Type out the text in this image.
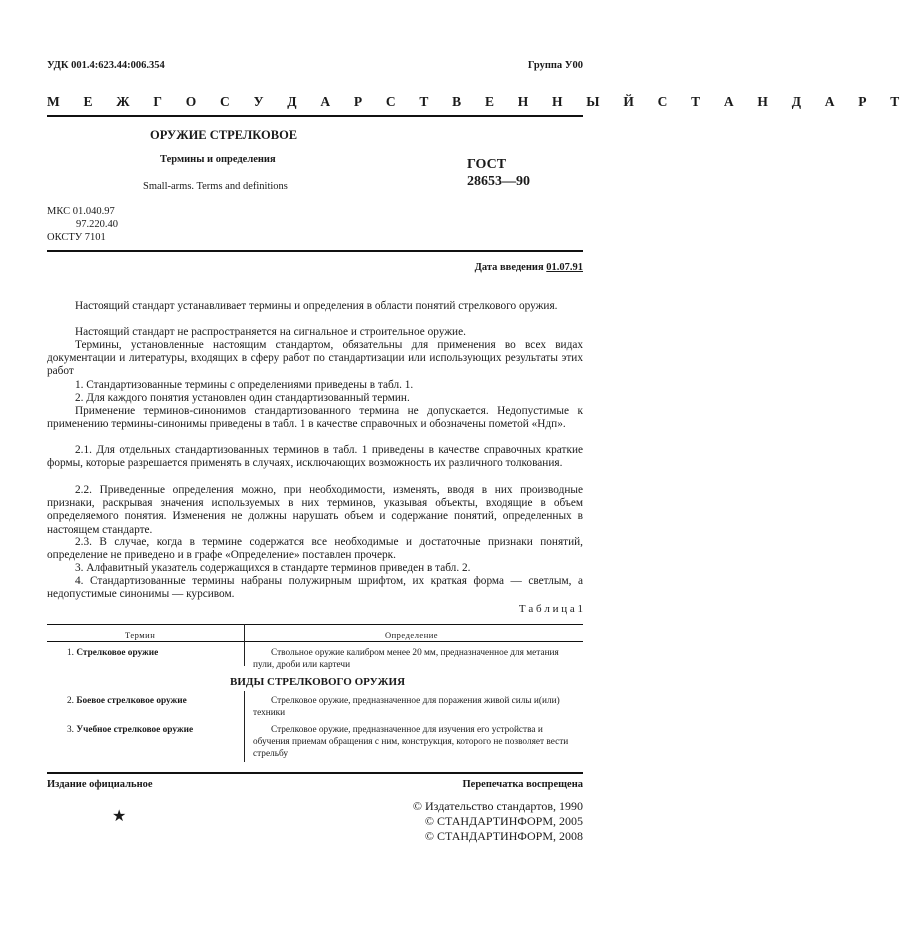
УДК 001.4:623.44:006.354	Группа У00
М Е Ж Г О С У Д А Р С Т В Е Н Н Ы Й С Т А Н Д А Р Т
ОРУЖИЕ СТРЕЛКОВОЕ
Термины и определения
Small-arms. Terms and definitions
ГОСТ
28653—90
МКС 01.040.97
97.220.40
ОКСТУ 7101
Дата введения 01.07.91
Настоящий стандарт устанавливает термины и определения в области понятий стрелкового оружия.
Настоящий стандарт не распространяется на сигнальное и строительное оружие.
Термины, установленные настоящим стандартом, обязательны для применения во всех видах документации и литературы, входящих в сферу работ по стандартизации или использующих результаты этих работ
1. Стандартизованные термины с определениями приведены в табл. 1.
2. Для каждого понятия установлен один стандартизованный термин.
Применение терминов-синонимов стандартизованного термина не допускается. Недопустимые к применению термины-синонимы приведены в табл. 1 в качестве справочных и обозначены пометой «Ндп».
2.1. Для отдельных стандартизованных терминов в табл. 1 приведены в качестве справочных краткие формы, которые разрешается применять в случаях, исключающих возможность их различного толкования.
2.2. Приведенные определения можно, при необходимости, изменять, вводя в них производные признаки, раскрывая значения используемых в них терминов, указывая объекты, входящие в объем определяемого понятия. Изменения не должны нарушать объем и содержание понятий, определенных в настоящем стандарте.
2.3. В случае, когда в термине содержатся все необходимые и достаточные признаки понятий, определение не приведено и в графе «Определение» поставлен прочерк.
3. Алфавитный указатель содержащихся в стандарте терминов приведен в табл. 2.
4. Стандартизованные термины набраны полужирным шрифтом, их краткая форма — светлым, а недопустимые синонимы — курсивом.
Т а б л и ц а 1
Термин	Определение
1. Стрелковое оружие	Ствольное оружие калибром менее 20 мм, предназначенное для метания пули, дроби или картечи
ВИДЫ СТРЕЛКОВОГО ОРУЖИЯ
2. Боевое стрелковое оружие	Стрелковое оружие, предназначенное для поражения живой силы и(или) техники
3. Учебное стрелковое оружие	Стрелковое оружие, предназначенное для изучения его устройства и обучения приемам обращения с ним, конструкция, которого не позволяет вести стрельбу
Издание официальное	Перепечатка воспрещена
★
© Издательство стандартов, 1990
© СТАНДАРТИНФОРМ, 2005
© СТАНДАРТИНФОРМ, 2008
